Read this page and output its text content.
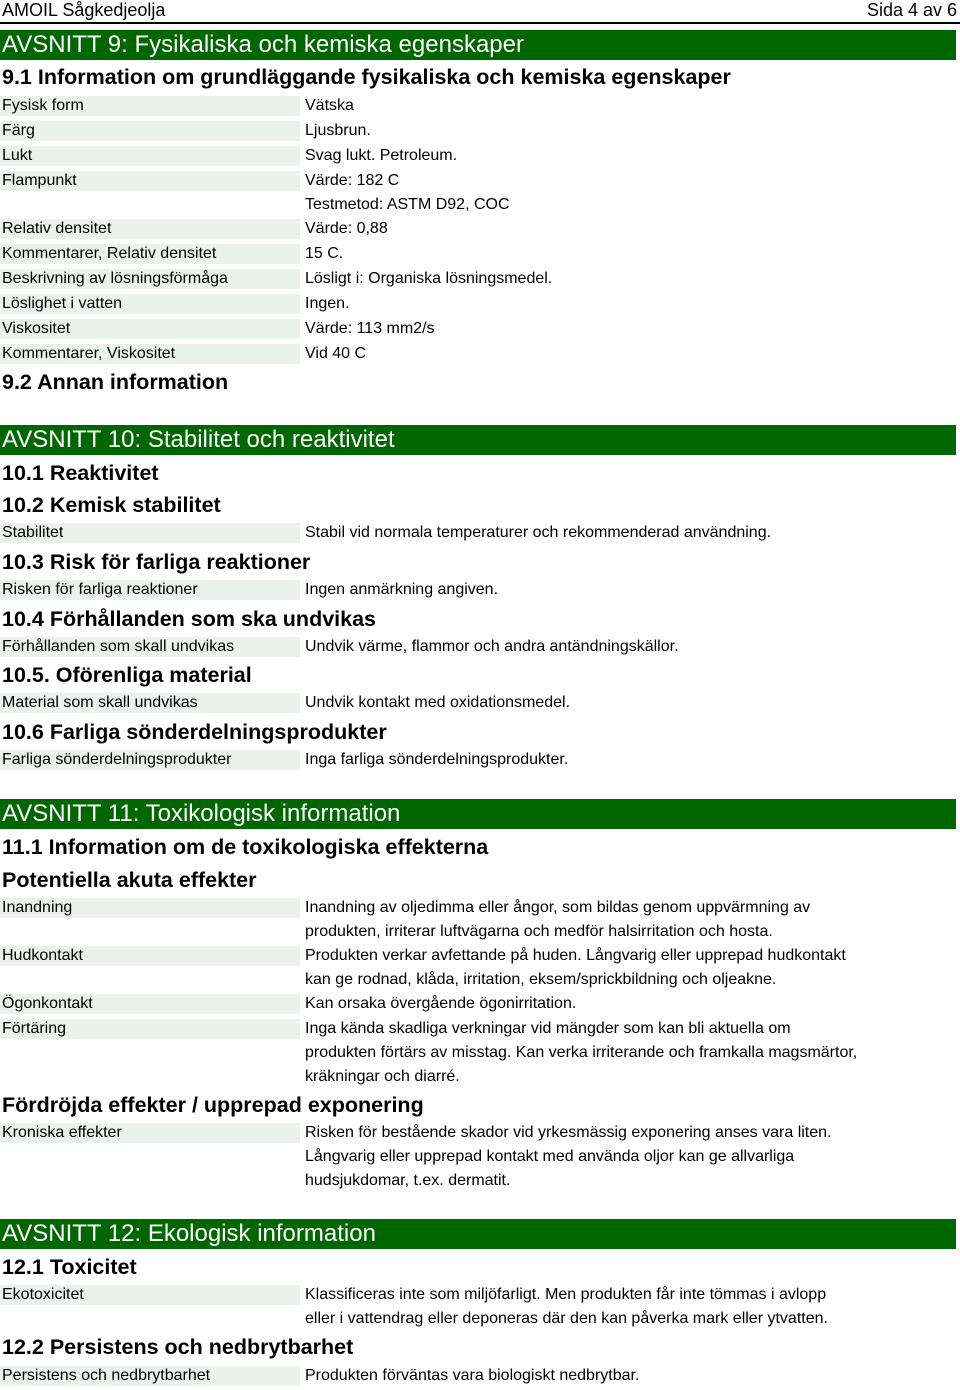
AMOIL Sågkedjeolja	Sida 4 av 6
AVSNITT 9: Fysikaliska och kemiska egenskaper
9.1 Information om grundläggande fysikaliska och kemiska egenskaper
Fysisk form	Vätska
Färg	Ljusbrun.
Lukt	Svag lukt. Petroleum.
Flampunkt	Värde: 182 C
Testmetod: ASTM D92, COC
Relativ densitet	Värde: 0,88
Kommentarer, Relativ densitet	15 C.
Beskrivning av lösningsförmåga	Lösligt i: Organiska lösningsmedel.
Löslighet i vatten	Ingen.
Viskositet	Värde: 113 mm2/s
Kommentarer, Viskositet	Vid 40 C
9.2 Annan information
AVSNITT 10: Stabilitet och reaktivitet
10.1 Reaktivitet
10.2 Kemisk stabilitet
Stabilitet	Stabil vid normala temperaturer och rekommenderad användning.
10.3 Risk för farliga reaktioner
Risken för farliga reaktioner	Ingen anmärkning angiven.
10.4 Förhållanden som ska undvikas
Förhållanden som skall undvikas	Undvik värme, flammor och andra antändningskällor.
10.5. Oförenliga material
Material som skall undvikas	Undvik kontakt med oxidationsmedel.
10.6 Farliga sönderdelningsprodukter
Farliga sönderdelningsprodukter	Inga farliga sönderdelningsprodukter.
AVSNITT 11: Toxikologisk information
11.1 Information om de toxikologiska effekterna
Potentiella akuta effekter
Inandning	Inandning av oljedimma eller ångor, som bildas genom uppvärmning av
produkten, irriterar luftvägarna och medför halsirritation och hosta.
Hudkontakt	Produkten verkar avfettande på huden. Långvarig eller upprepad hudkontakt
kan ge rodnad, klåda, irritation, eksem/sprickbildning och oljeakne.
Ögonkontakt	Kan orsaka övergående ögonirritation.
Förtäring	Inga kända skadliga verkningar vid mängder som kan bli aktuella om
produkten förtärs av misstag. Kan verka irriterande och framkalla magsmärtor,
kräkningar och diarré.
Fördröjda effekter / upprepad exponering
Kroniska effekter	Risken för bestående skador vid yrkesmässig exponering anses vara liten.
Långvarig eller upprepad kontakt med använda oljor kan ge allvarliga
hudsjukdomar, t.ex. dermatit.
AVSNITT 12: Ekologisk information
12.1 Toxicitet
Ekotoxicitet	Klassificeras inte som miljöfarligt. Men produkten får inte tömmas i avlopp
eller i vattendrag eller deponeras där den kan påverka mark eller ytvatten.
12.2 Persistens och nedbrytbarhet
Persistens och nedbrytbarhet	Produkten förväntas vara biologiskt nedbrytbar.
